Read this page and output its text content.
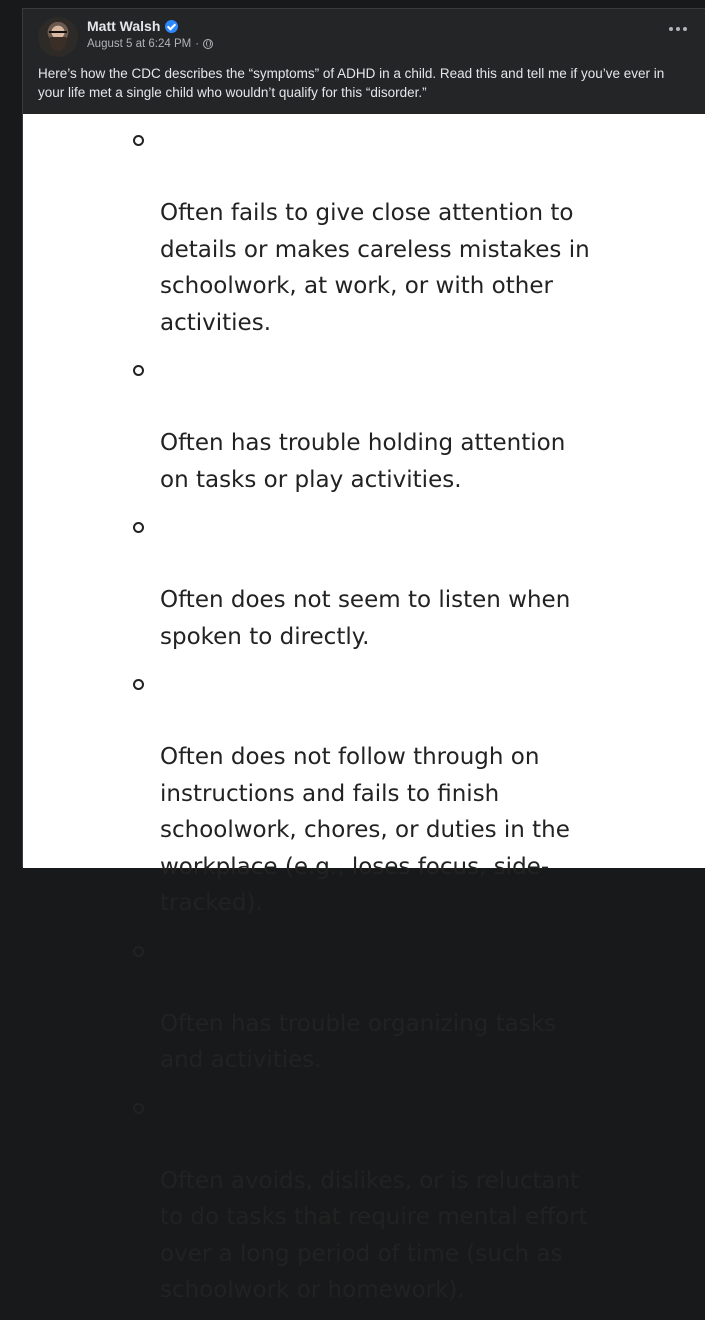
Matt Walsh
August 5 at 6:24 PM ·
Here’s how the CDC describes the “symptoms” of ADHD in a child. Read this and tell me if you’ve ever in your life met a single child who wouldn’t qualify for this “disorder.”

Often fails to give close attention to
details or makes careless mistakes in
schoolwork, at work, or with other
activities.

Often has trouble holding attention
on tasks or play activities.

Often does not seem to listen when
spoken to directly.

Often does not follow through on
instructions and fails to finish
schoolwork, chores, or duties in the
workplace (e.g., loses focus, side-
tracked).

Often has trouble organizing tasks
and activities.

Often avoids, dislikes, or is reluctant
to do tasks that require mental effort
over a long period of time (such as
schoolwork or homework).
